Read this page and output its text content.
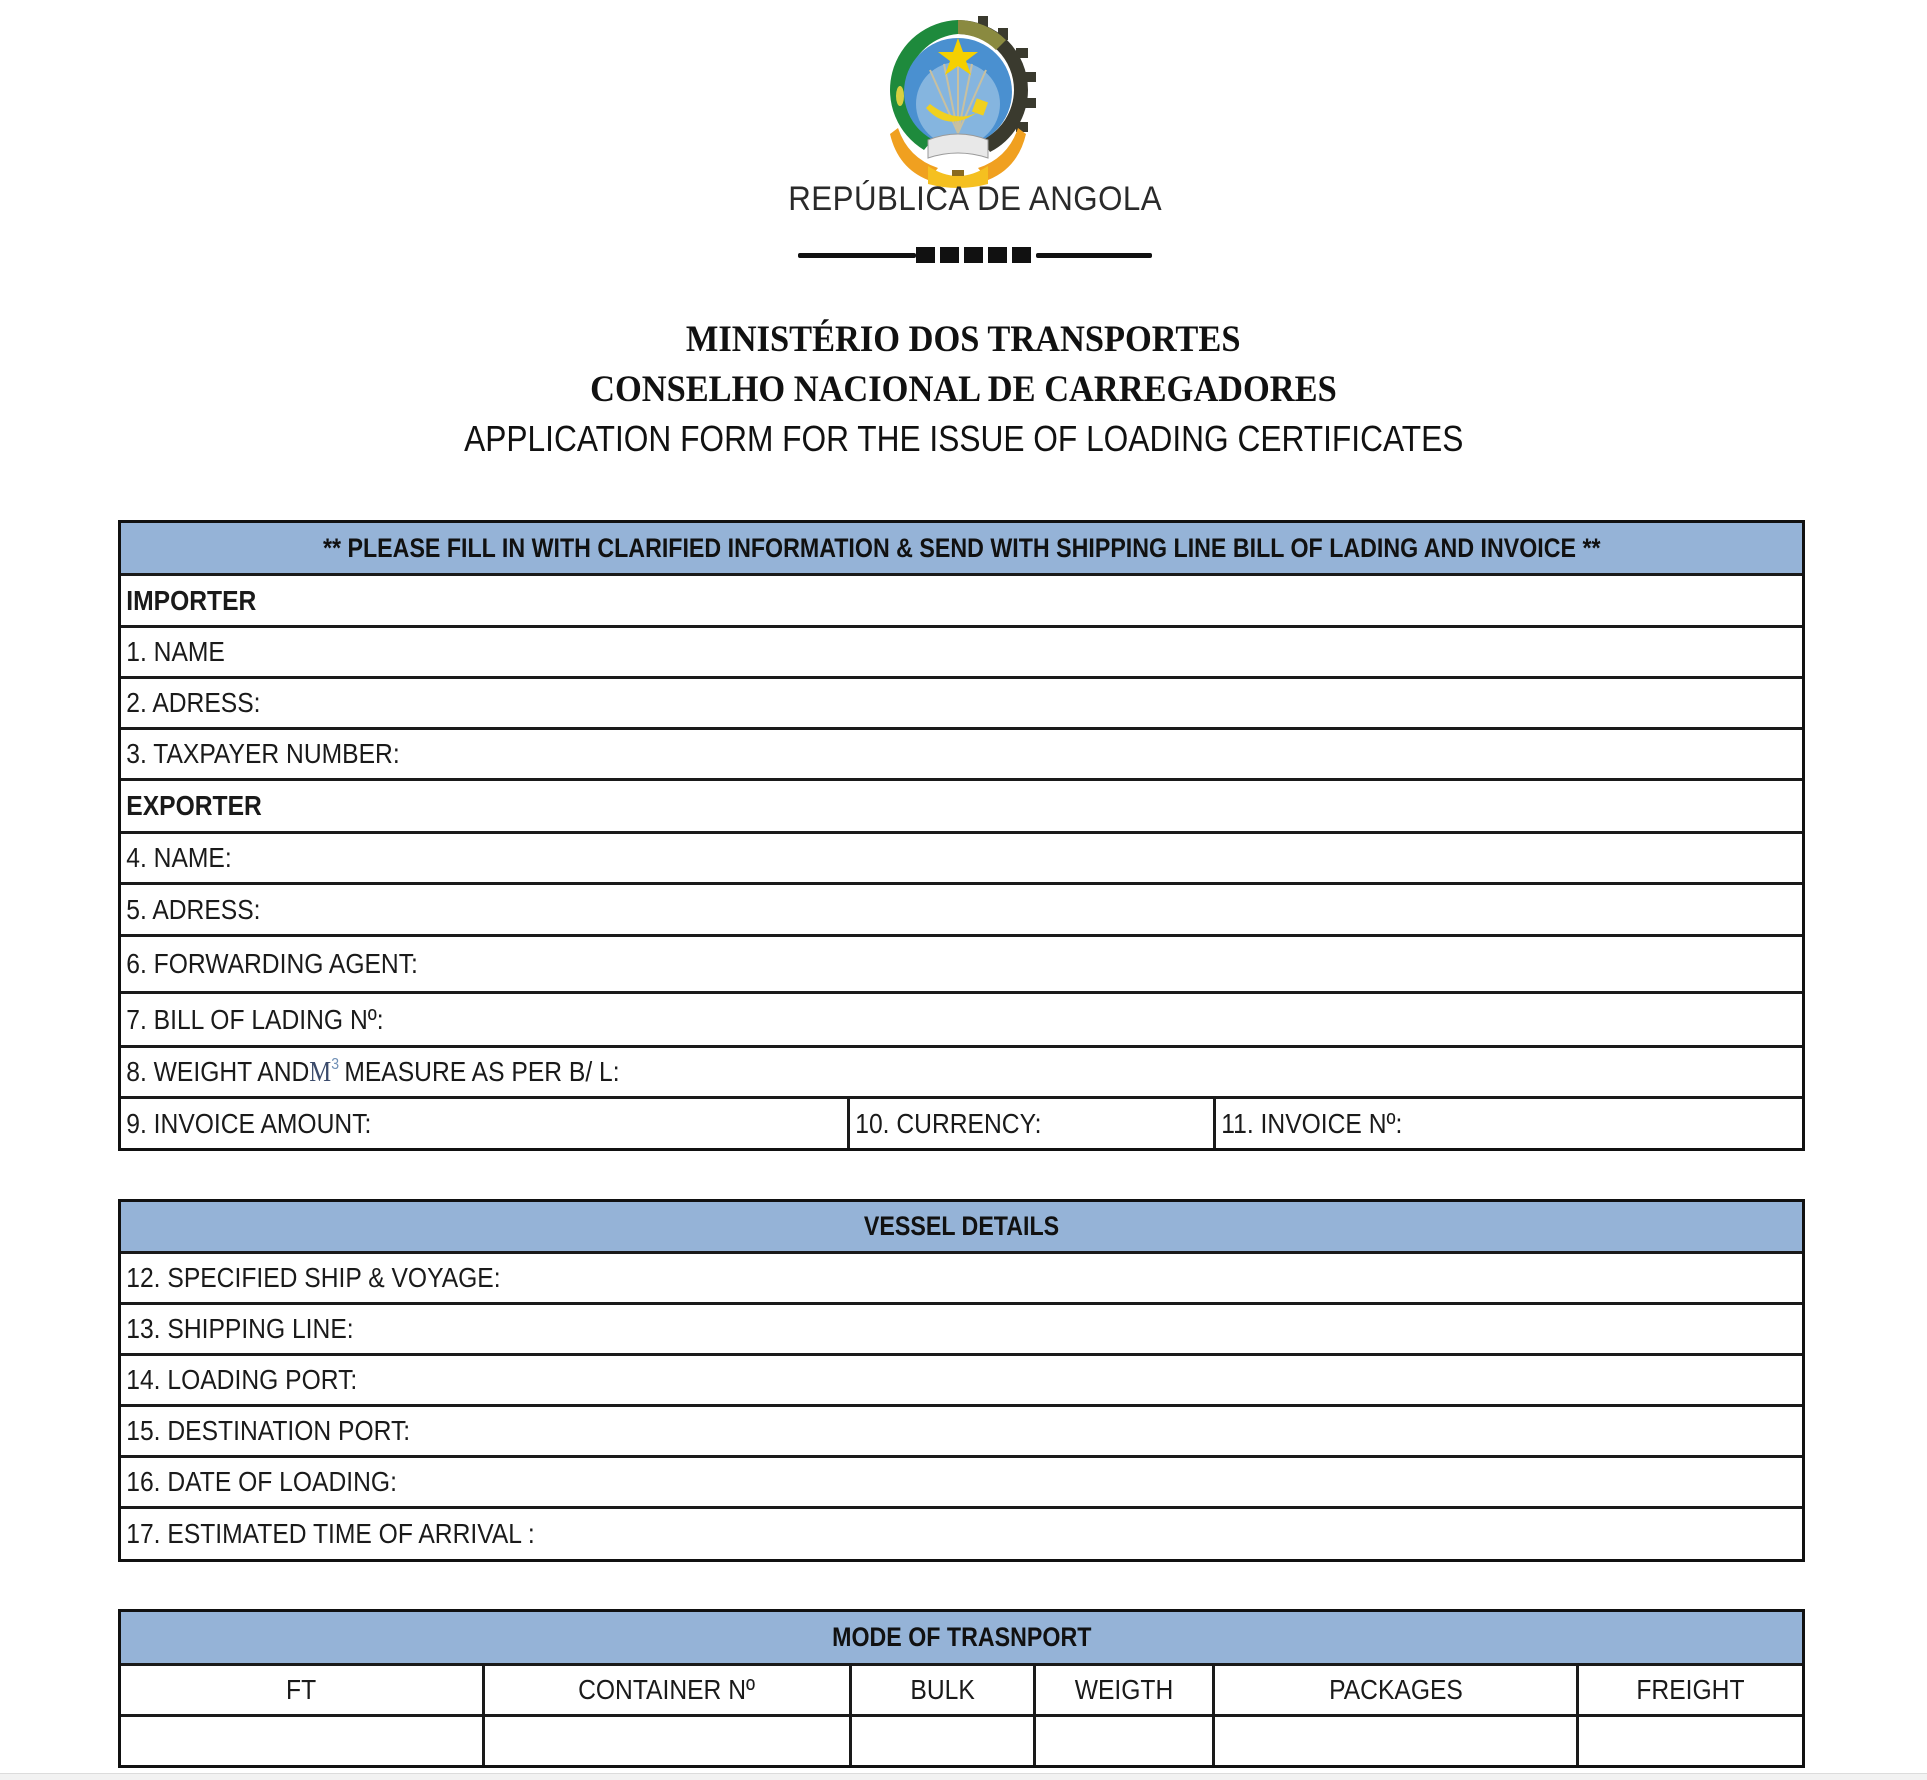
REPÚBLICA DE ANGOLA
MINISTÉRIO DOS TRANSPORTES
CONSELHO NACIONAL DE CARREGADORES
APPLICATION FORM FOR THE ISSUE OF LOADING CERTIFICATES
** PLEASE FILL IN WITH CLARIFIED INFORMATION & SEND WITH SHIPPING LINE BILL OF LADING AND INVOICE **
IMPORTER
1. NAME
2. ADRESS:
3. TAXPAYER NUMBER:
EXPORTER
4. NAME:
5. ADRESS:
6. FORWARDING AGENT:
7. BILL OF LADING Nº:
8. WEIGHT ANDM$^3$ MEASURE AS PER B/ L:
9. INVOICE AMOUNT:	10. CURRENCY:	11. INVOICE Nº:
VESSEL DETAILS
12. SPECIFIED SHIP & VOYAGE:
13. SHIPPING LINE:
14. LOADING PORT:
15. DESTINATION PORT:
16. DATE OF LOADING:
17. ESTIMATED TIME OF ARRIVAL :
MODE OF TRASNPORT
FT	CONTAINER Nº	BULK	WEIGTH	PACKAGES	FREIGHT
